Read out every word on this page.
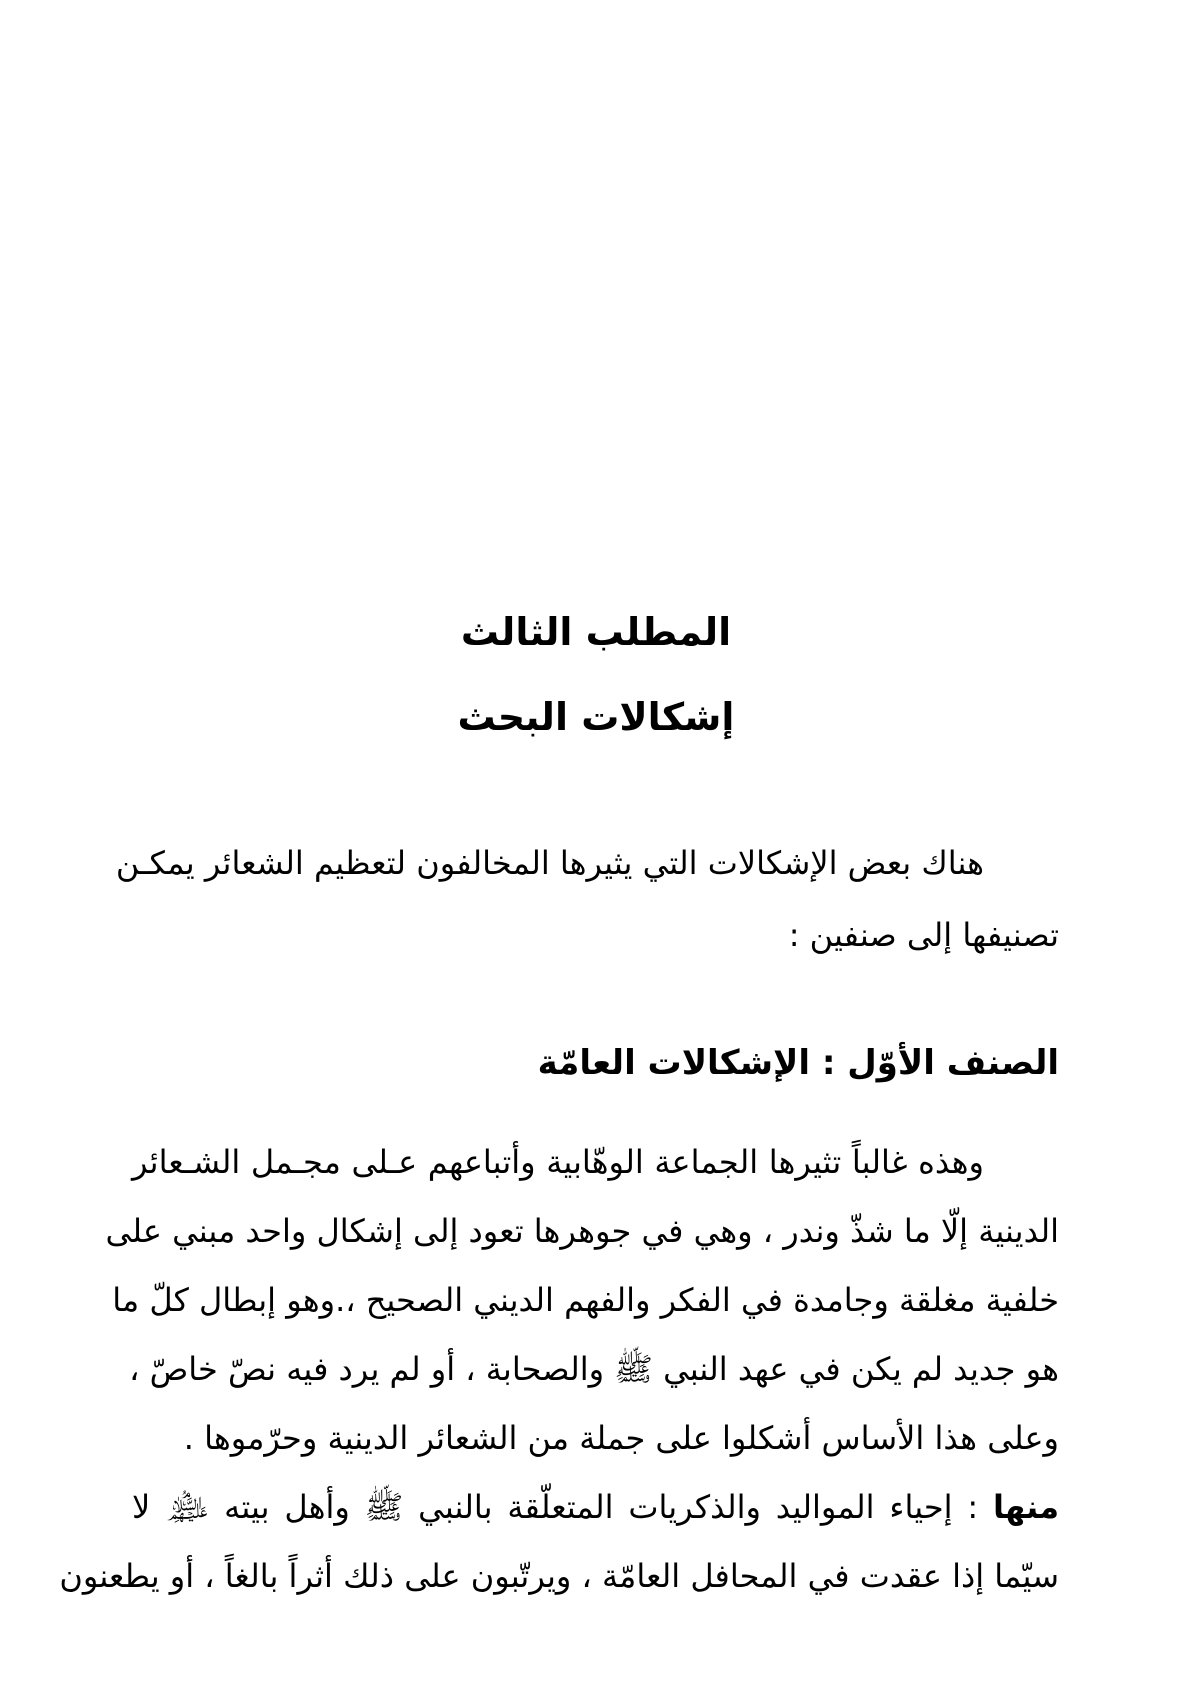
المطلب الثالث
إشكالات البحث
هناك بعض الإشكالات التي يثيرها المخالفون لتعظيم الشعائر يمكـن
تصنيفها إلى صنفين :
الصنف الأوّل : الإشكالات العامّة
وهذه غالباً تثيرها الجماعة الوهّابية وأتباعهم عـلى مجـمل الشـعائر
الدينية إلّا ما شذّ وندر ، وهي في جوهرها تعود إلى إشكال واحد مبني على
خلفية مغلقة وجامدة في الفكر والفهم الديني الصحيح ،.وهو إبطال كلّ ما
هو جديد لم يكن في عهد النبي ﷺ والصحابة ، أو لم يرد فيه نصّ خاصّ ،
وعلى هذا الأساس أشكلوا على جملة من الشعائر الدينية وحرّموها .
منها : إحياء المواليد والذكريات المتعلّقة بالنبي ﷺ وأهل بيته ﵈ لا
سيّما إذا عقدت في المحافل العامّة ، ويرتّبون على ذلك أثراً بالغاً ، أو يطعنون
